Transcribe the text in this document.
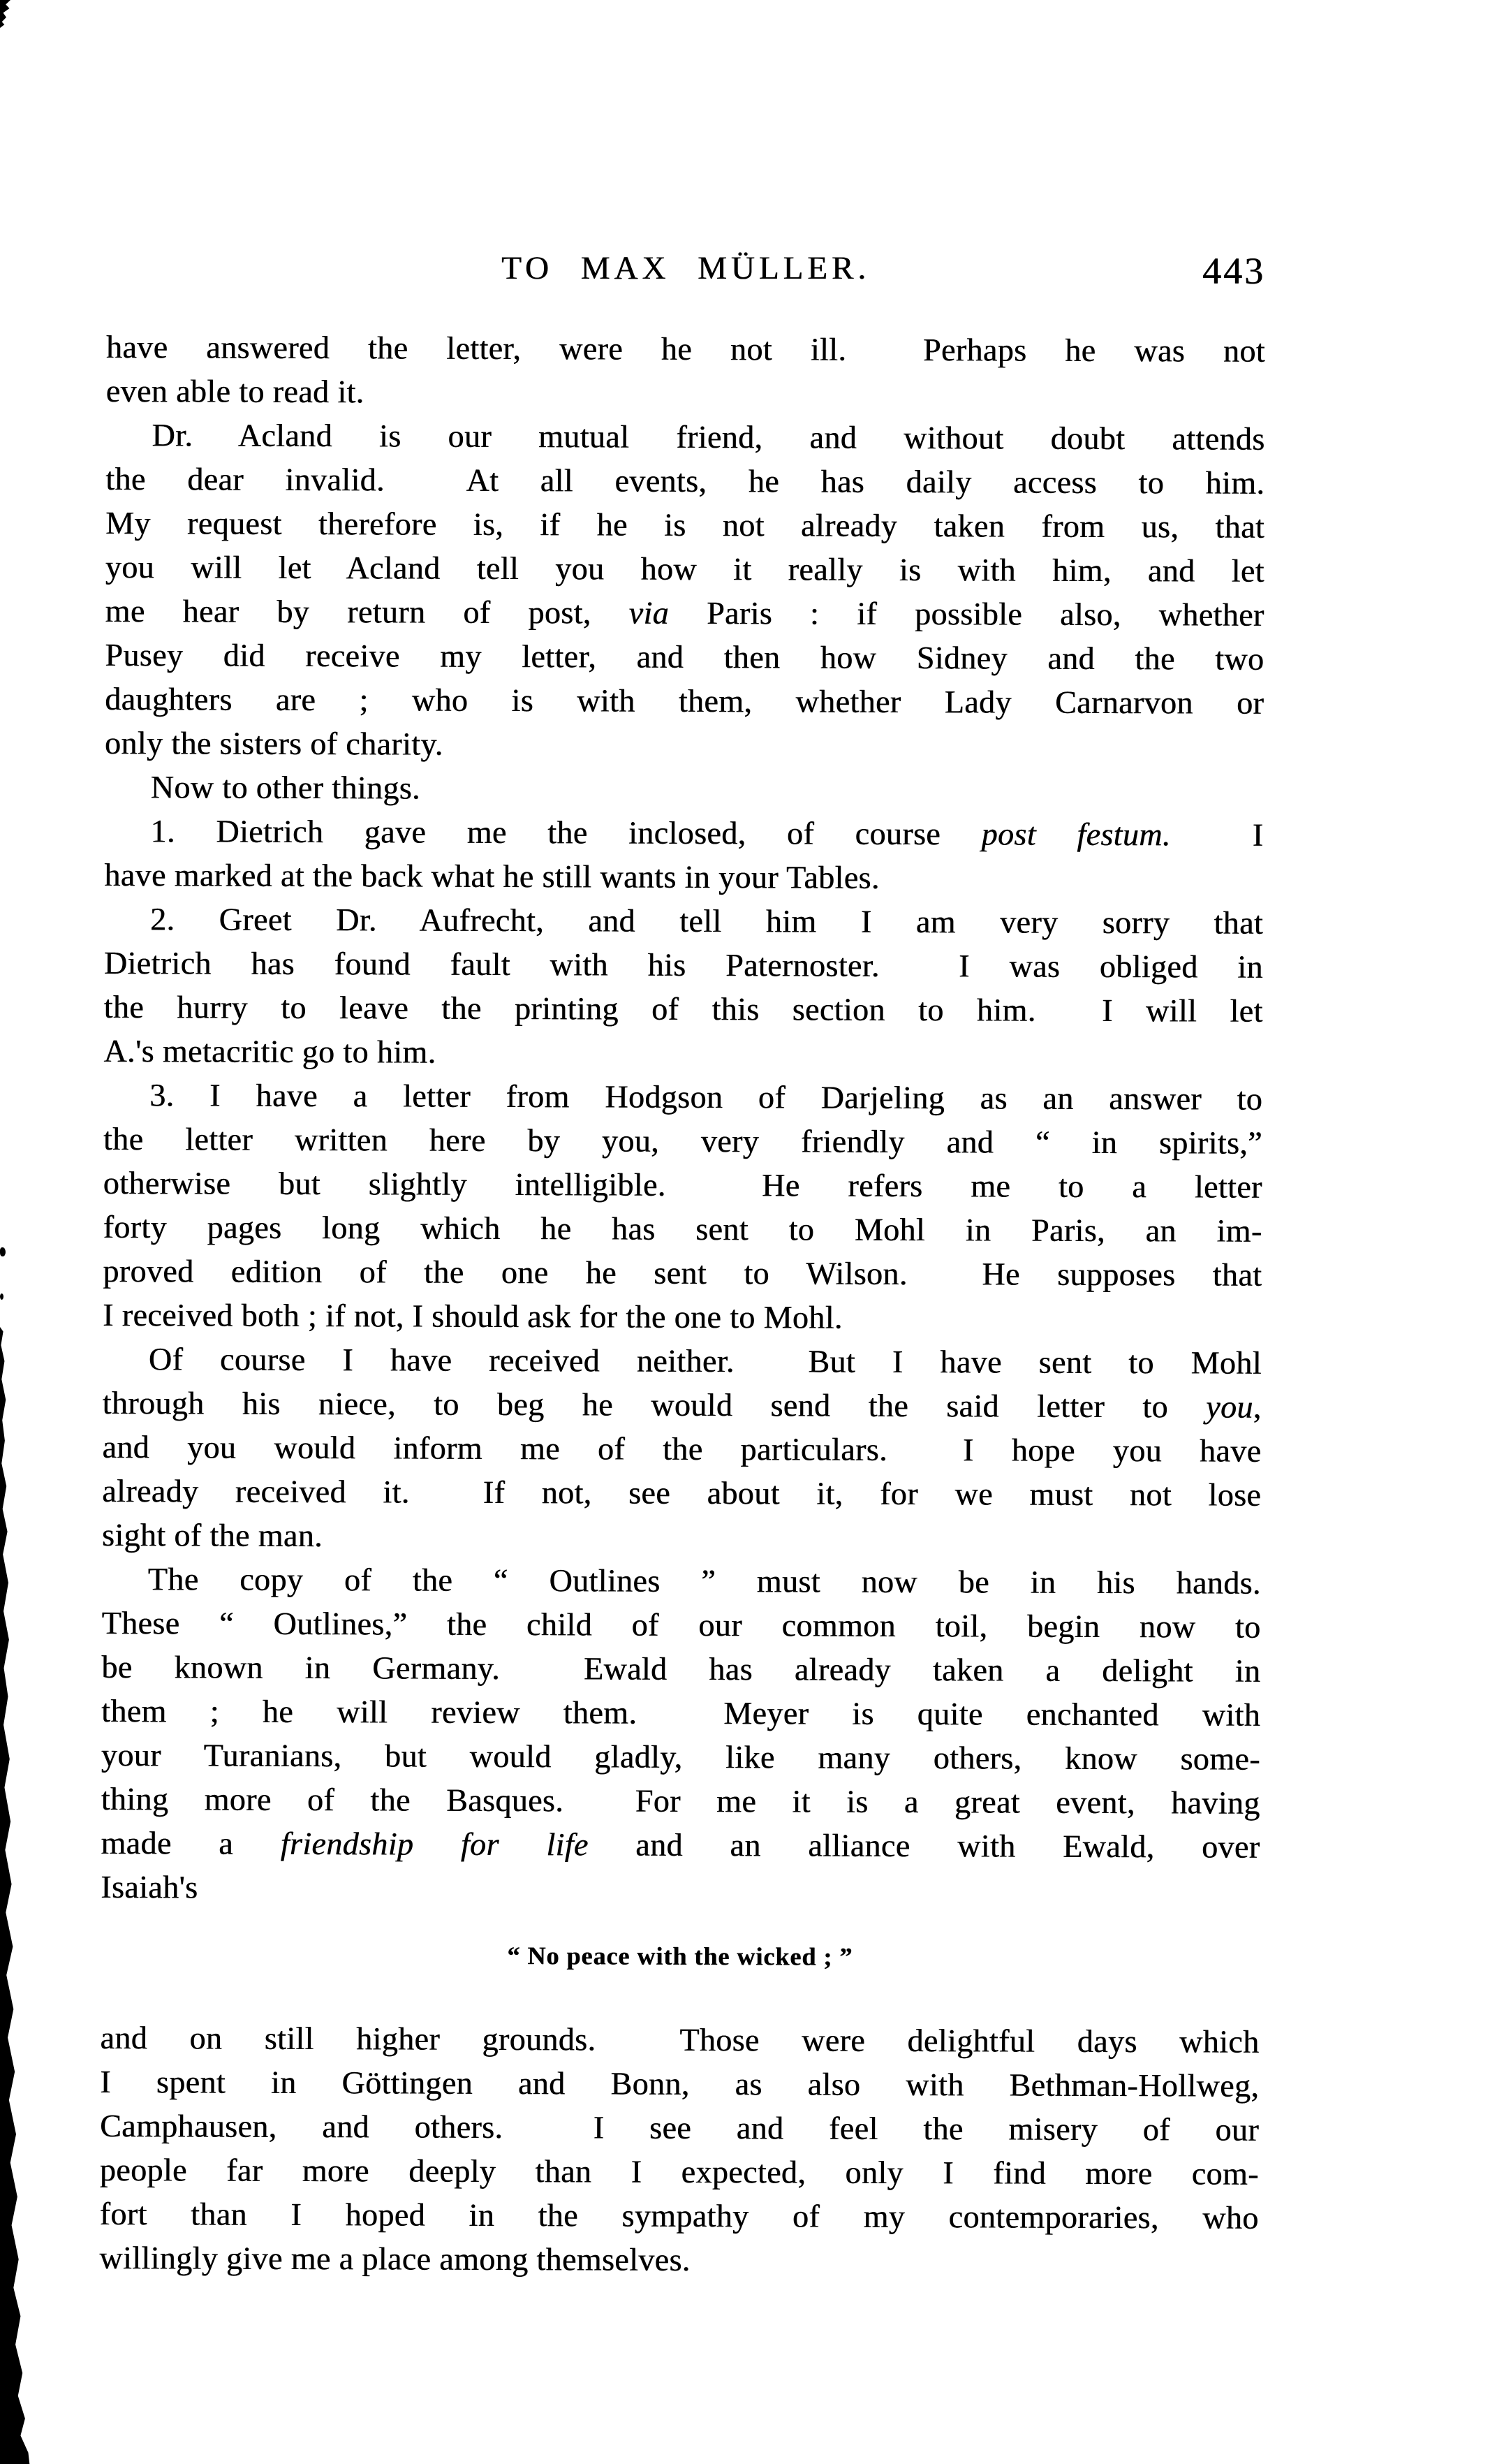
TO MAX MÜLLER.	443
have answered the letter, were he not ill.  Perhaps he was not
even able to read it.
Dr. Acland is our mutual friend, and without doubt attends
the dear invalid.  At all events, he has daily access to him.
My request therefore is, if he is not already taken from us, that
you will let Acland tell you how it really is with him, and let
me hear by return of post, via Paris : if possible also, whether
Pusey did receive my letter, and then how Sidney and the two
daughters are ; who is with them, whether Lady Carnarvon or
only the sisters of charity.
Now to other things.
1. Dietrich gave me the inclosed, of course post festum.  I
have marked at the back what he still wants in your Tables.
2. Greet Dr. Aufrecht, and tell him I am very sorry that
Dietrich has found fault with his Paternoster.  I was obliged in
the hurry to leave the printing of this section to him.  I will let
A.'s metacritic go to him.
3. I have a letter from Hodgson of Darjeling as an answer to
the letter written here by you, very friendly and “ in spirits,”
otherwise but slightly intelligible.  He refers me to a letter
forty pages long which he has sent to Mohl in Paris, an im-
proved edition of the one he sent to Wilson.  He supposes that
I received both ; if not, I should ask for the one to Mohl.
Of course I have received neither.  But I have sent to Mohl
through his niece, to beg he would send the said letter to you,
and you would inform me of the particulars.  I hope you have
already received it.  If not, see about it, for we must not lose
sight of the man.
The copy of the “ Outlines ” must now be in his hands.
These “ Outlines,” the child of our common toil, begin now to
be known in Germany.  Ewald has already taken a delight in
them ; he will review them.  Meyer is quite enchanted with
your Turanians, but would gladly, like many others, know some-
thing more of the Basques.  For me it is a great event, having
made a friendship for life and an alliance with Ewald, over
Isaiah's
“ No peace with the wicked ; ”
and on still higher grounds.  Those were delightful days which
I spent in Göttingen and Bonn, as also with Bethman-Hollweg,
Camphausen, and others.  I see and feel the misery of our
people far more deeply than I expected, only I find more com-
fort than I hoped in the sympathy of my contemporaries, who
willingly give me a place among themselves.
